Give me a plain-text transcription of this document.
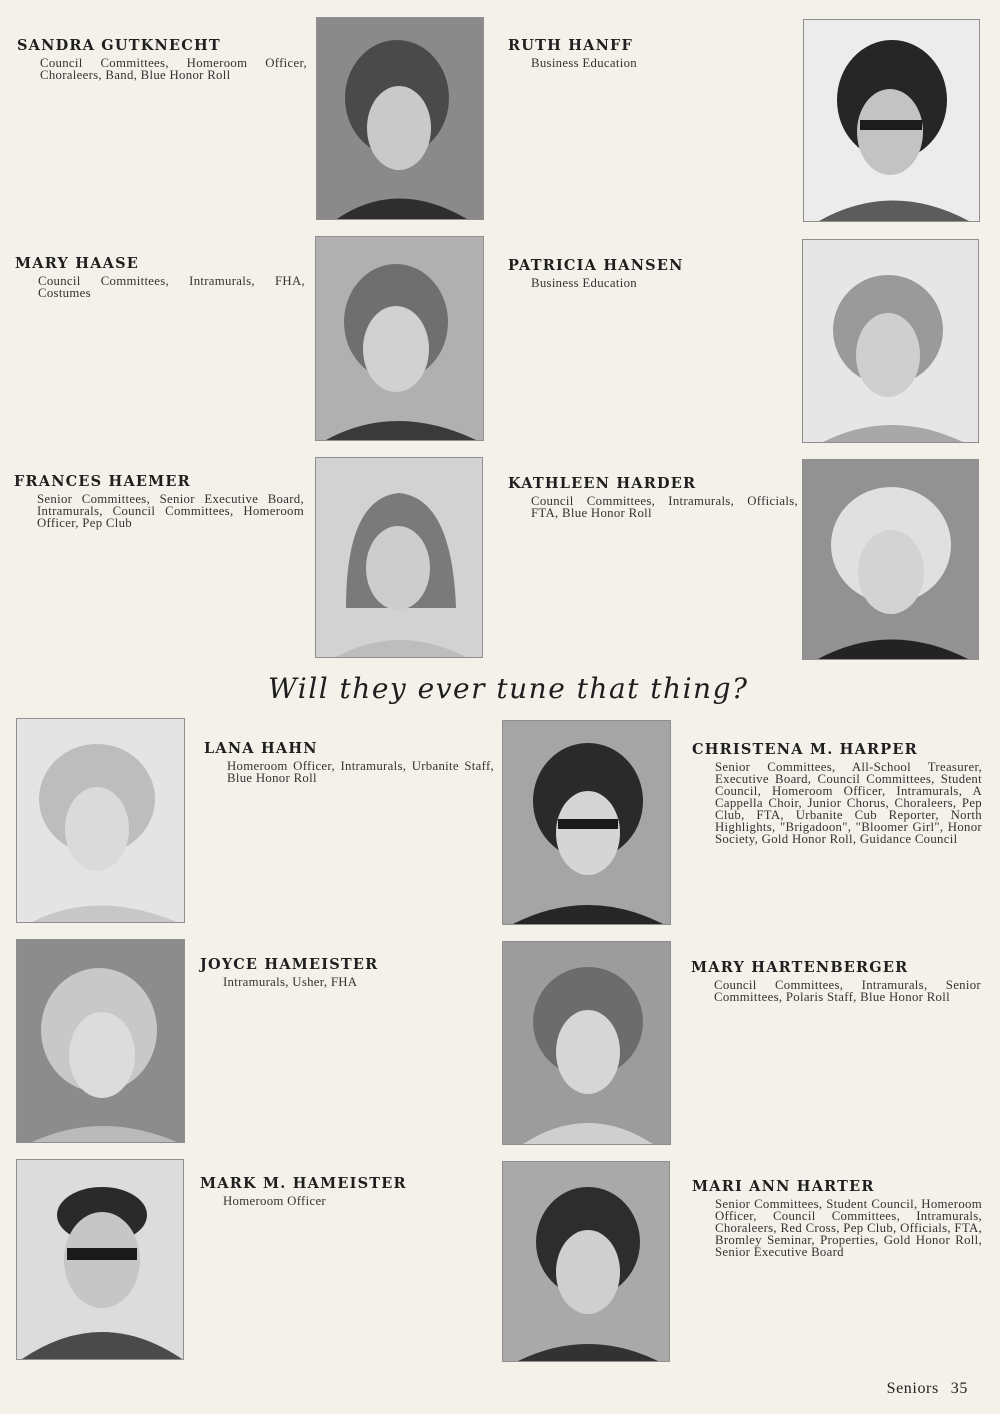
SANDRA GUTKNECHT

Council Committees, Homeroom Officer, Choraleers, Band, Blue Honor Roll

RUTH HANFF

Business Education

MARY HAASE

Council Committees, Intramurals, FHA, Costumes

PATRICIA HANSEN

Business Education

FRANCES HAEMER

Senior Committees, Senior Executive Board, Intramurals, Council Committees, Homeroom Officer, Pep Club

KATHLEEN HARDER

Council Committees, Intramurals, Officials, FTA, Blue Honor Roll

Will they ever tune that thing?

LANA HAHN

Homeroom Officer, Intramurals, Urbanite Staff, Blue Honor Roll

CHRISTENA M. HARPER

Senior Committees, All-School Treasurer, Executive Board, Council Committees, Student Council, Homeroom Officer, Intramurals, A Cappella Choir, Junior Chorus, Choraleers, Pep Club, FTA, Urbanite Cub Reporter, North Highlights, "Brigadoon", "Bloomer Girl", Honor Society, Gold Honor Roll, Guidance Council

JOYCE HAMEISTER

Intramurals, Usher, FHA

MARY HARTENBERGER

Council Committees, Intramurals, Senior Committees, Polaris Staff, Blue Honor Roll

MARK M. HAMEISTER

Homeroom Officer

MARI ANN HARTER

Senior Committees, Student Council, Homeroom Officer, Council Committees, Intramurals, Choraleers, Red Cross, Pep Club, Officials, FTA, Bromley Seminar, Properties, Gold Honor Roll, Senior Executive Board

Seniors 35
